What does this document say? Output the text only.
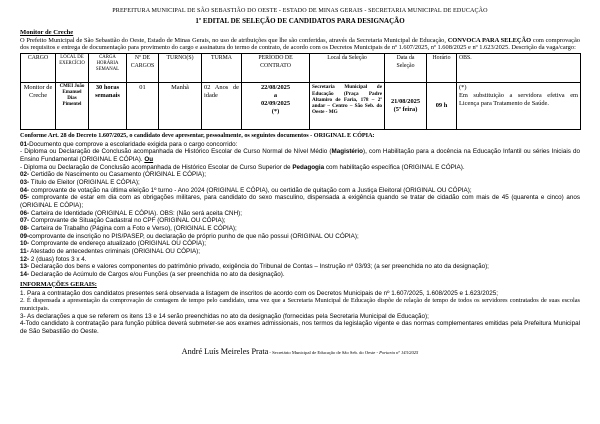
PREFEITURA MUNICIPAL DE SÃO SEBASTIÃO DO OESTE - ESTADO DE MINAS GERAIS - SECRETARIA MUNICIPAL DE EDUCAÇÃO
1º EDITAL DE SELEÇÃO DE CANDIDATOS PARA DESIGNAÇÃO
Monitor de Creche

O Prefeito Municipal de São Sebastião do Oeste, Estado de Minas Gerais, no uso de atribuições que lhe são conferidas, através da Secretaria Municipal de Educação, CONVOCA PARA SELEÇÃO com comprovação dos requisitos e entrega de documentação para provimento do cargo e assinatura do termo de contrato, de acordo com os Decretos Municipais de nº 1.607/2025, nº 1.608/2025 e nº 1.623/2025. Descrição da vaga/cargo:

CARGO	LOCAL DE EXERCÍCIO	CARGA HORÁRIA SEMANAL	Nº DE CARGOS	TURNO(S)	TURMA	PERÍODO DE CONTRATO	Local da Seleção	Data da Seleção	Horário	OBS.
Monitor de Creche	CMEI João Emanuel Dias Pimentel	30 horas semanais	01	Manhã	02 Anos de idade	22/08/2025
a
02/09/2025
(*)	Secretaria Municipal de Educação (Praça Padre Altamiro de Faria, 178 – 2º andar – Centro – São Seb. do Oeste - MG	21/08/2025
(5ª feira)	09 h	(*)
Em substituição a servidora efetiva em Licença para Tratamento de Saúde.
Conforme Art. 28 do Decreto 1.607/2025, o candidato deve apresentar, pessoalmente, os seguintes documentos - ORIGINAL E CÓPIA:
01-Documento que comprove a escolaridade exigida para o cargo concorrido:
- Diploma ou Declaração de Conclusão acompanhada de Histórico Escolar de Curso Normal de Nível Médio (Magistério), com Habilitação para a docência na Educação Infantil ou séries Iniciais do Ensino Fundamental (ORIGINAL E CÓPIA). Ou
- Diploma ou Declaração de Conclusão acompanhada de Histórico Escolar de Curso Superior de Pedagogia com habilitação específica (ORIGINAL E CÓPIA).
02- Certidão de Nascimento ou Casamento (ORIGINAL E CÓPIA);
03- Título de Eleitor (ORIGINAL E CÓPIA);
04- comprovante de votação na última eleição 1º turno - Ano 2024 (ORIGINAL E CÓPIA), ou certidão de quitação com a Justiça Eleitoral (ORIGINAL OU CÓPIA);
05- comprovante de estar em dia com as obrigações militares, para candidato do sexo masculino, dispensada a exigência quando se tratar de cidadão com mais de 45 (quarenta e cinco) anos (ORIGINAL E CÓPIA);
06- Carteira de Identidade (ORIGINAL E CÓPIA). OBS: (Não será aceita CNH);
07- Comprovante de Situação Cadastral no CPF (ORIGINAL OU CÓPIA);
08- Carteira de Trabalho (Página com a Foto e Verso), (ORIGINAL E CÓPIA);
09-comprovante de inscrição no PIS/PASEP, ou declaração de próprio punho de que não possui (ORIGINAL OU CÓPIA);
10- Comprovante de endereço atualizado (ORIGINAL OU CÓPIA);
11- Atestado de antecedentes criminais (ORIGINAL OU CÓPIA);
12- 2 (duas) fotos 3 x 4.
13- Declaração dos bens e valores componentes do patrimônio privado, exigência do Tribunal de Contas – Instrução nº 03/93; (a ser preenchida no ato da designação);
14- Declaração de Acúmulo de Cargos e/ou Funções (a ser preenchida no ato da designação).
INFORMAÇÕES GERAIS:
1. Para a contratação dos candidatos presentes será observada a listagem de inscritos de acordo com os Decretos Municipais de nº 1.607/2025, 1.608/2025 e 1.623/2025;
2. É dispensada a apresentação da comprovação de contagem de tempo pelo candidato, uma vez que a Secretaria Municipal de Educação dispõe de relação de tempo de todos os servidores contratados de suas escolas municipais.
3- As declarações a que se referem os itens 13 e 14 serão preenchidas no ato da designação (fornecidas pela Secretaria Municipal de Educação);
4-Todo candidato à contratação para função pública deverá submeter-se aos exames admissionais, nos termos da legislação vigente e das normas complementares emitidas pela Prefeitura Municipal de São Sebastião do Oeste.
André Luís Meireles Prata - Secretário Municipal de Educação de São Seb. do Oeste - Portaria nº 143/2025
